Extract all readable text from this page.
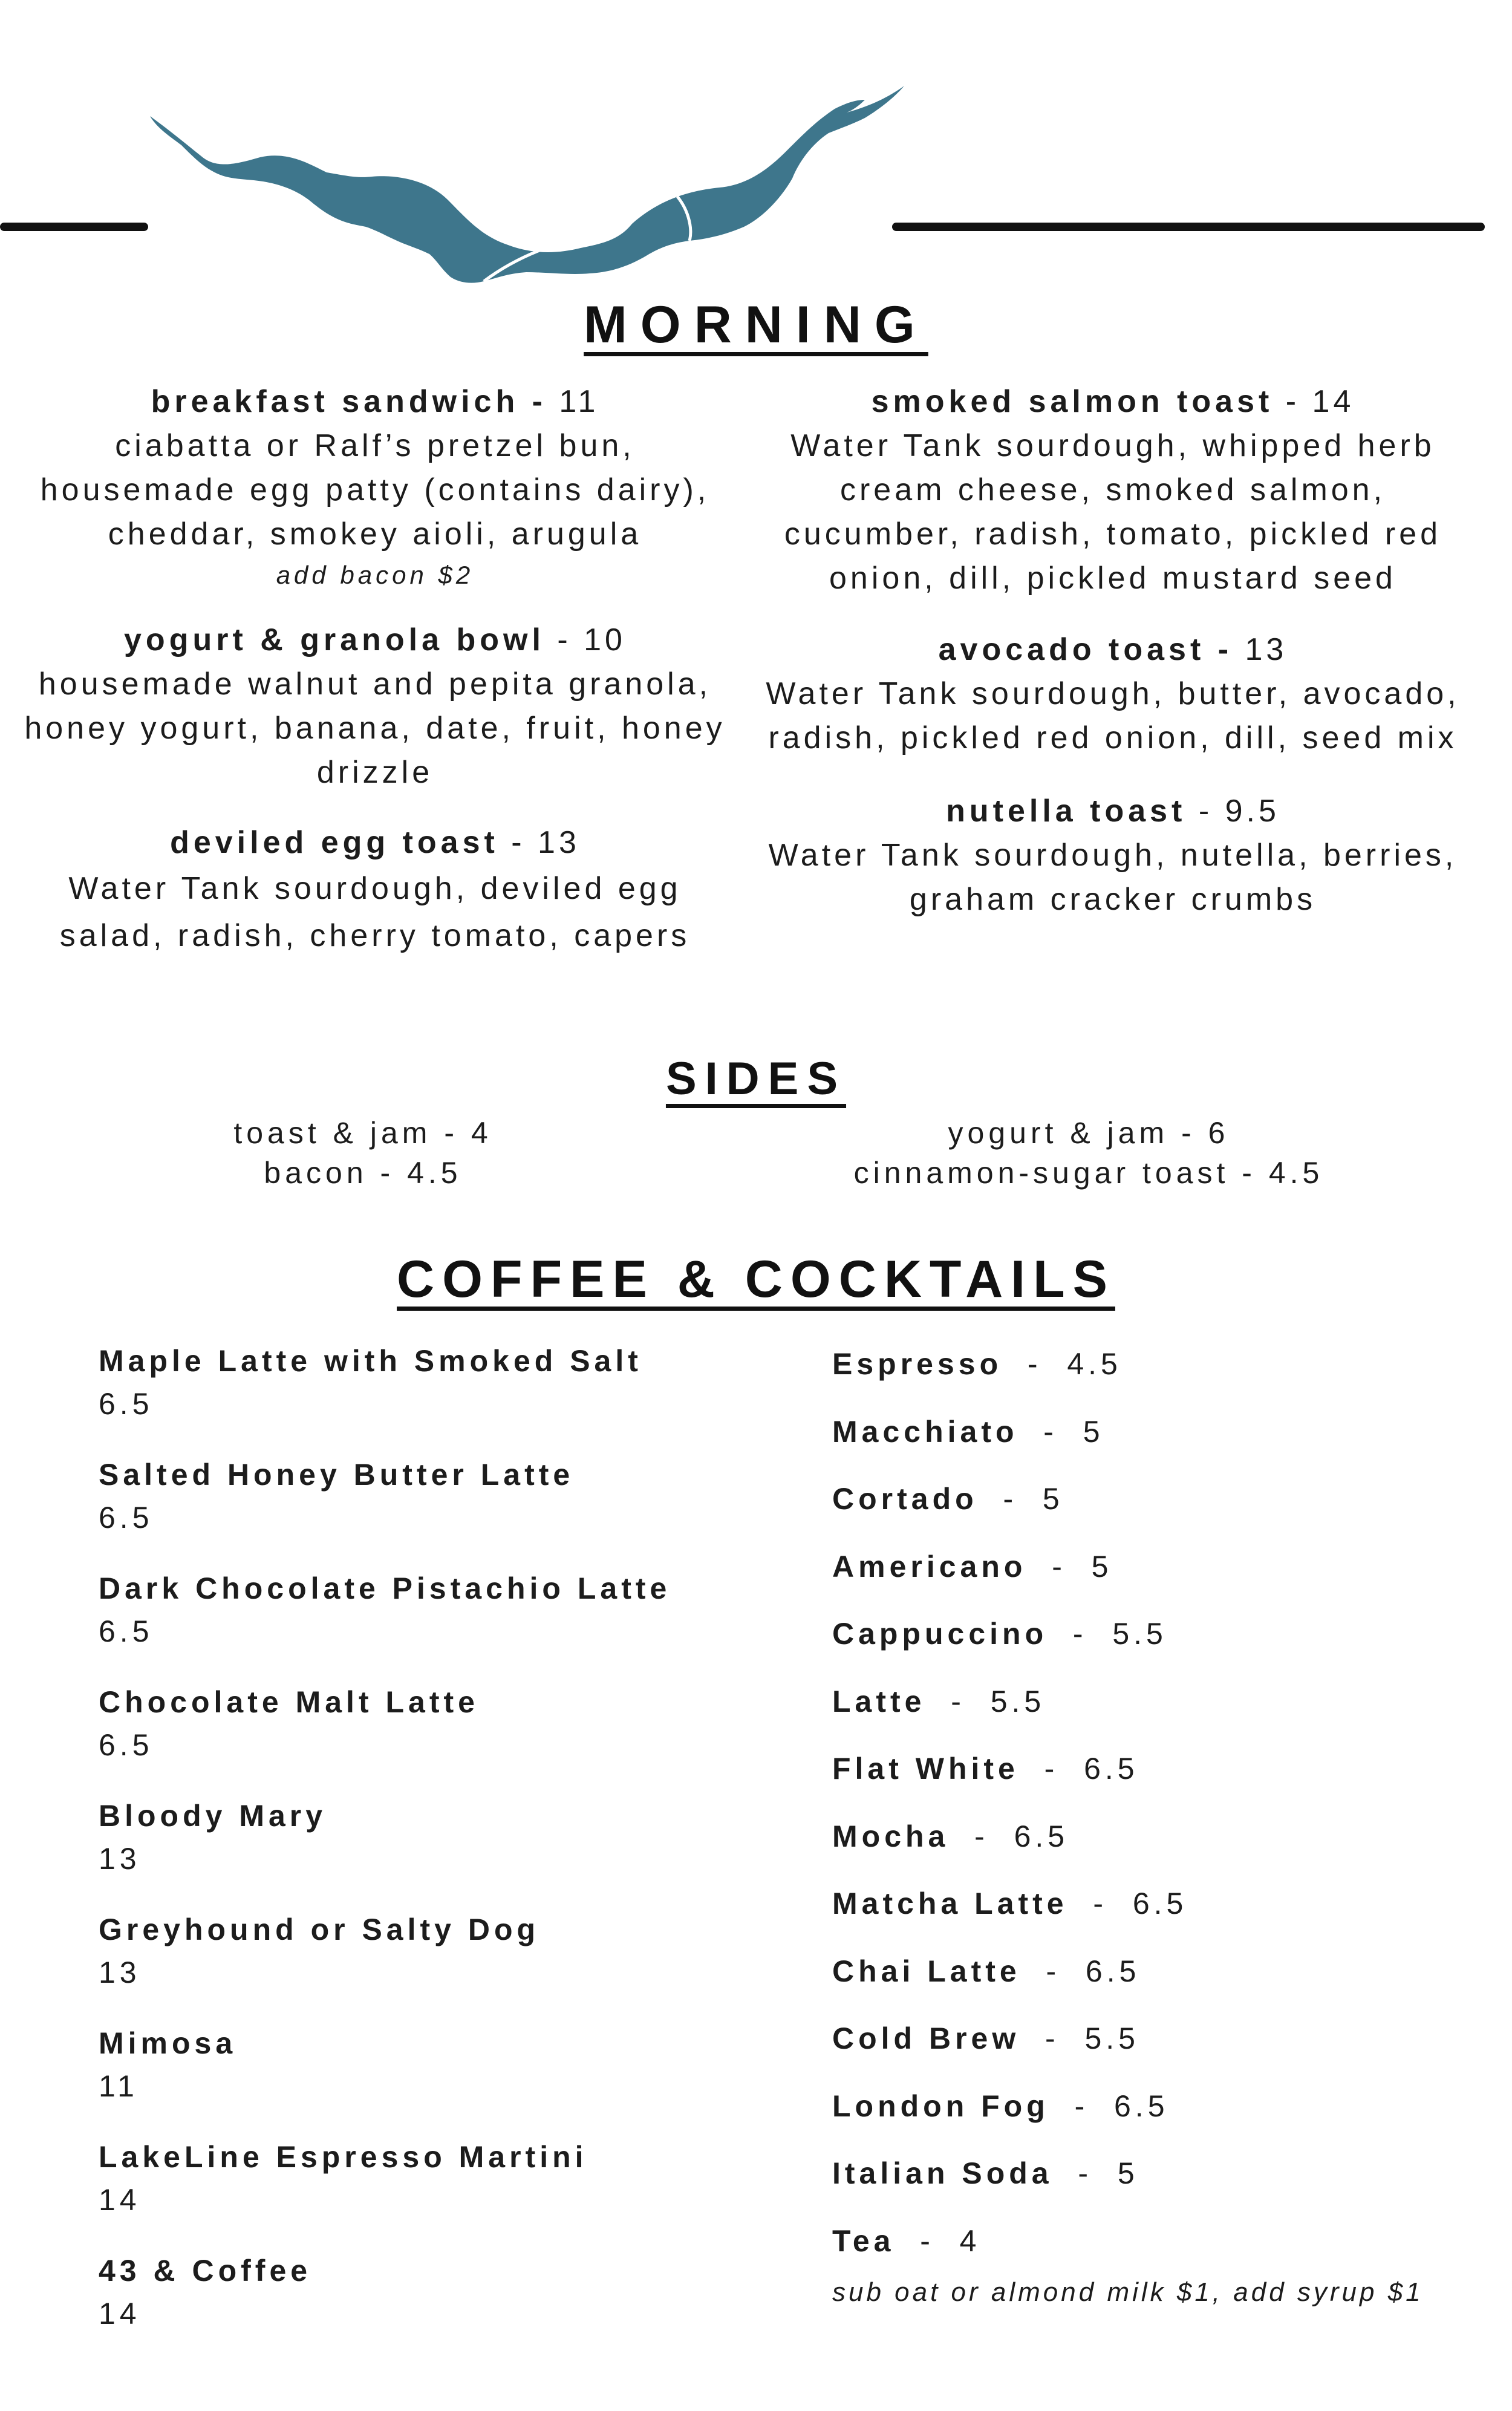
MORNING
breakfast sandwich - 11
ciabatta or Ralf’s pretzel bun, housemade egg patty (contains dairy), cheddar, smokey aioli, arugula
add bacon $2
yogurt & granola bowl - 10
housemade walnut and pepita granola, honey yogurt, banana, date, fruit, honey drizzle
deviled egg toast - 13
Water Tank sourdough, deviled egg salad, radish, cherry tomato, capers
smoked salmon toast - 14
Water Tank sourdough, whipped herb cream cheese, smoked salmon, cucumber, radish, tomato, pickled red onion, dill, pickled mustard seed
avocado toast - 13
Water Tank sourdough, butter, avocado, radish, pickled red onion, dill, seed mix
nutella toast - 9.5
Water Tank sourdough, nutella, berries, graham cracker crumbs
SIDES
toast & jam - 4
bacon - 4.5
yogurt & jam - 6
cinnamon-sugar toast - 4.5
COFFEE & COCKTAILS
Maple Latte with Smoked Salt
6.5
Salted Honey Butter Latte
6.5
Dark Chocolate Pistachio Latte
6.5
Chocolate Malt Latte
6.5
Bloody Mary
13
Greyhound or Salty Dog
13
Mimosa
11
LakeLine Espresso Martini
14
43 & Coffee
14
Espresso  -  4.5
Macchiato  -  5
Cortado  -  5
Americano  -  5
Cappuccino  -  5.5
Latte  -  5.5
Flat White  -  6.5
Mocha  -  6.5
Matcha Latte  -  6.5
Chai Latte  -  6.5
Cold Brew  -  5.5
London Fog  -  6.5
Italian Soda  -  5
Tea  -  4
sub oat or almond milk $1, add syrup $1
